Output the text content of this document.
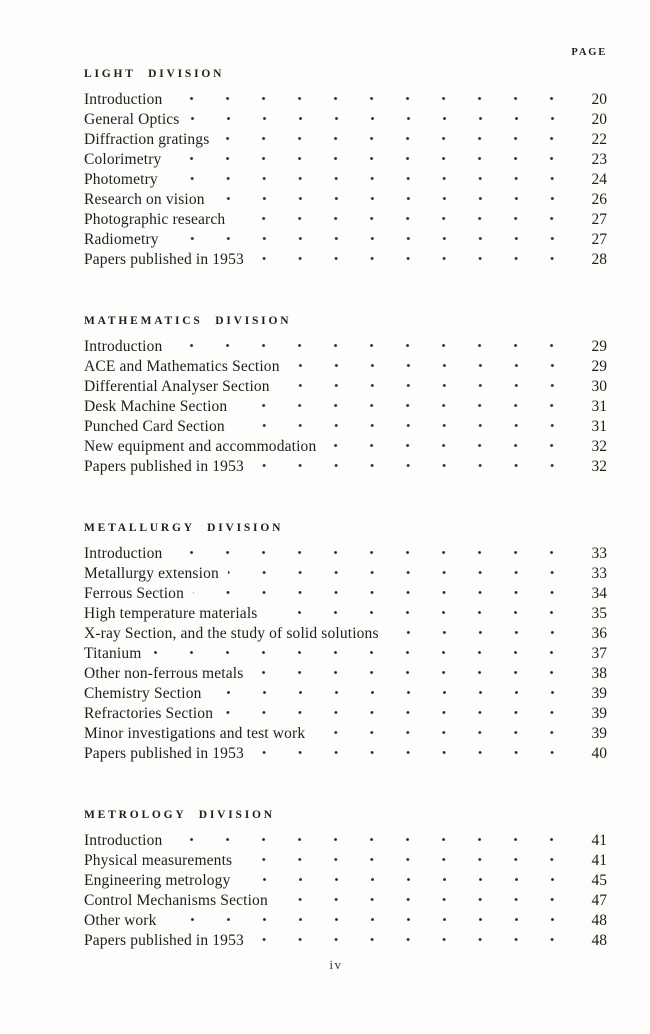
PAGE
LIGHT DIVISION
Introduction	20
General Optics	20
Diffraction gratings	22
Colorimetry	23
Photometry	24
Research on vision	26
Photographic research	27
Radiometry	27
Papers published in 1953	28
MATHEMATICS DIVISION
Introduction	29
ACE and Mathematics Section	29
Differential Analyser Section	30
Desk Machine Section	31
Punched Card Section	31
New equipment and accommodation	32
Papers published in 1953	32
METALLURGY DIVISION
Introduction	33
Metallurgy extension	33
Ferrous Section	34
High temperature materials	35
X-ray Section, and the study of solid solutions	36
Titanium	37
Other non-ferrous metals	38
Chemistry Section	39
Refractories Section	39
Minor investigations and test work	39
Papers published in 1953	40
METROLOGY DIVISION
Introduction	41
Physical measurements	41
Engineering metrology	45
Control Mechanisms Section	47
Other work	48
Papers published in 1953	48
iv
